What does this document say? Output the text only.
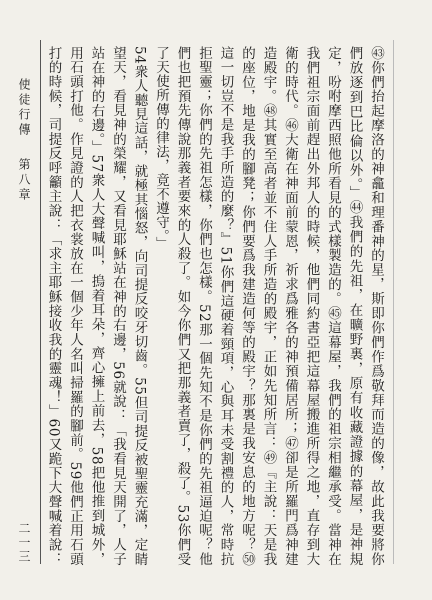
㊸你們抬起摩洛的神龕和理番神的星，斯即你們作爲敬拜而造的像，故此我要將你們放逐到巴比倫以外。」㊹我們的先祖，在曠野裏，原有收藏證據的幕屋，是神規定，吩咐摩西照他所看見的式樣製造的。㊺這幕屋，我們的祖宗相繼承受。當神在我們祖宗面前趕出外邦人的時候，他們同約書亞把這幕屋搬進所得之地，直存到大衛的時代。㊻大衛在神面前蒙恩，祈求爲雅各的神預備居所；㊼卻是所羅門爲神建造殿宇。㊽其實至高者並不住人手所造的殿宇，正如先知所言：㊾『主說：天是我的座位，地是我的腳凳；你們要爲我建造何等的殿宇？那裏是我安息的地方呢？㊿這一切豈不是我手所造的麼？』51你們這硬着頸項，心與耳未受割禮的人，常時抗拒聖靈；你們的先祖怎樣，你們也怎樣。52那一個先知不是你們的先祖逼迫呢？他們也把預先傳說那義者要來的人殺了。如今你們又把那義者賣了，殺了。53你們受了天使所傳的律法，竟不遵守。」
54衆人聽見這話，就極其惱怒，向司提反咬牙切齒。55但司提反被聖靈充滿，定睛望天，看見神的榮耀，又看見耶穌站在神的右邊，56就說：「我看見天開了，人子站在神的右邊。」57衆人大聲喊叫，摀着耳朵，齊心擁上前去，58把他推到城外，用石頭打他。作見證的人把衣裳放在一個少年人名叫掃羅的腳前。59他們正用石頭打的時候，司提反呼籲主說：「求主耶穌接收我的靈魂！」60又跪下大聲喊着說：
使徒行傳
第八章
二一三
